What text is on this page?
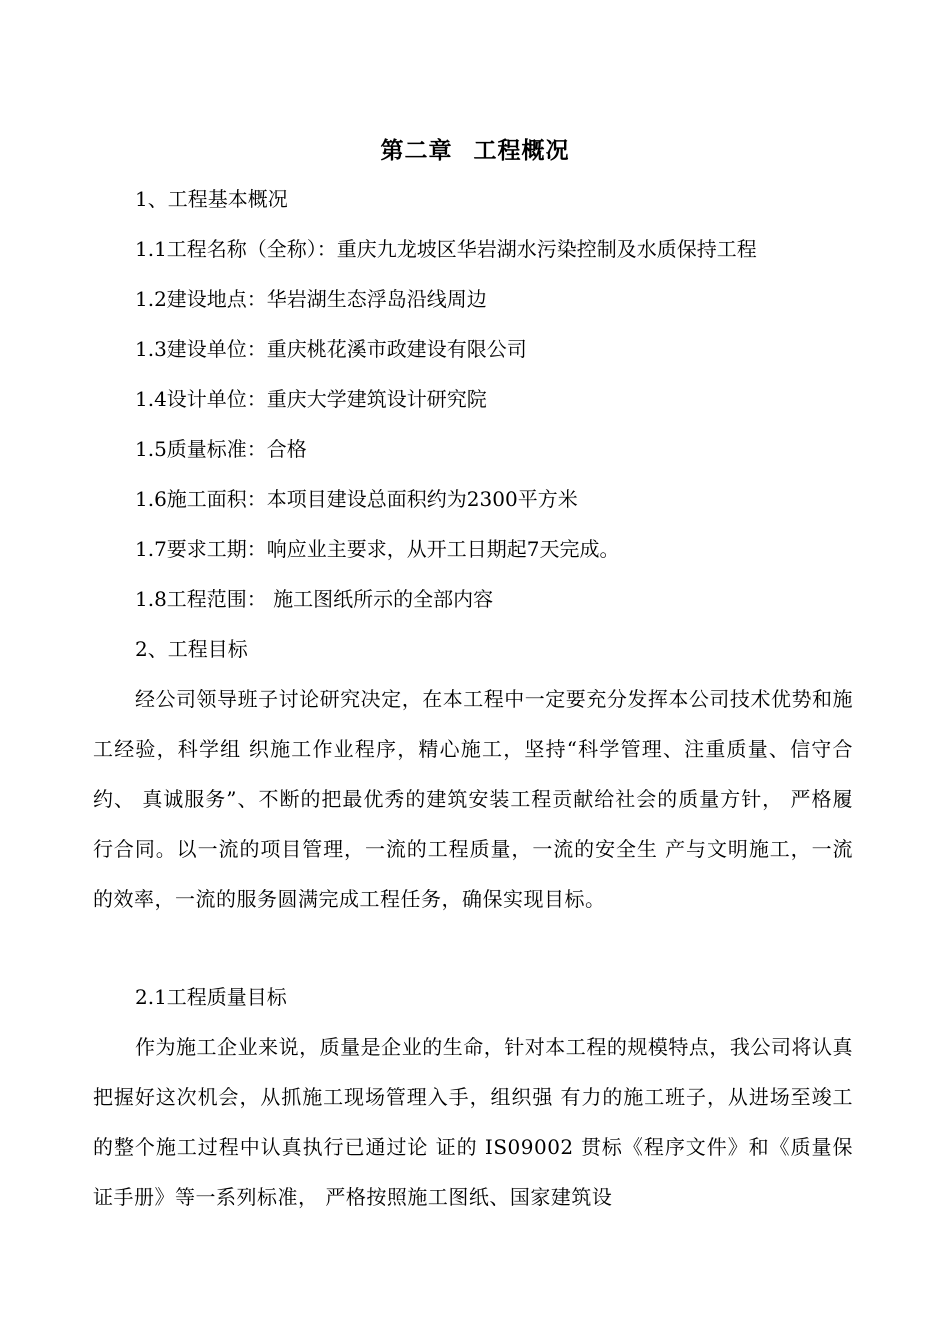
第二章 工程概况
1、工程基本概况
1.1工程名称（全称）：重庆九龙坡区华岩湖水污染控制及水质保持工程
1.2建设地点：华岩湖生态浮岛沿线周边
1.3建设单位：重庆桃花溪市政建设有限公司
1.4设计单位：重庆大学建筑设计研究院
1.5质量标准：合格
1.6施工面积：本项目建设总面积约为2300平方米
1.7要求工期：响应业主要求，从开工日期起7天完成。
1.8工程范围： 施工图纸所示的全部内容
2、工程目标
经公司领导班子讨论研究决定，在本工程中一定要充分发挥本公司技术优势和施工经验，科学组 织施工作业程序，精心施工，坚持“科学管理、注重质量、信守合约、 真诚服务”、不断的把最优秀的建筑安装工程贡献给社会的质量方针， 严格履行合同。以一流的项目管理，一流的工程质量，一流的安全生 产与文明施工，一流的效率，一流的服务圆满完成工程任务，确保实现目标。
2.1工程质量目标
作为施工企业来说，质量是企业的生命，针对本工程的规模特点，我公司将认真把握好这次机会，从抓施工现场管理入手，组织强 有力的施工班子，从进场至竣工的整个施工过程中认真执行已通过论 证的 IS09002 贯标《程序文件》和《质量保证手册》等一系列标准， 严格按照施工图纸、国家建筑设
